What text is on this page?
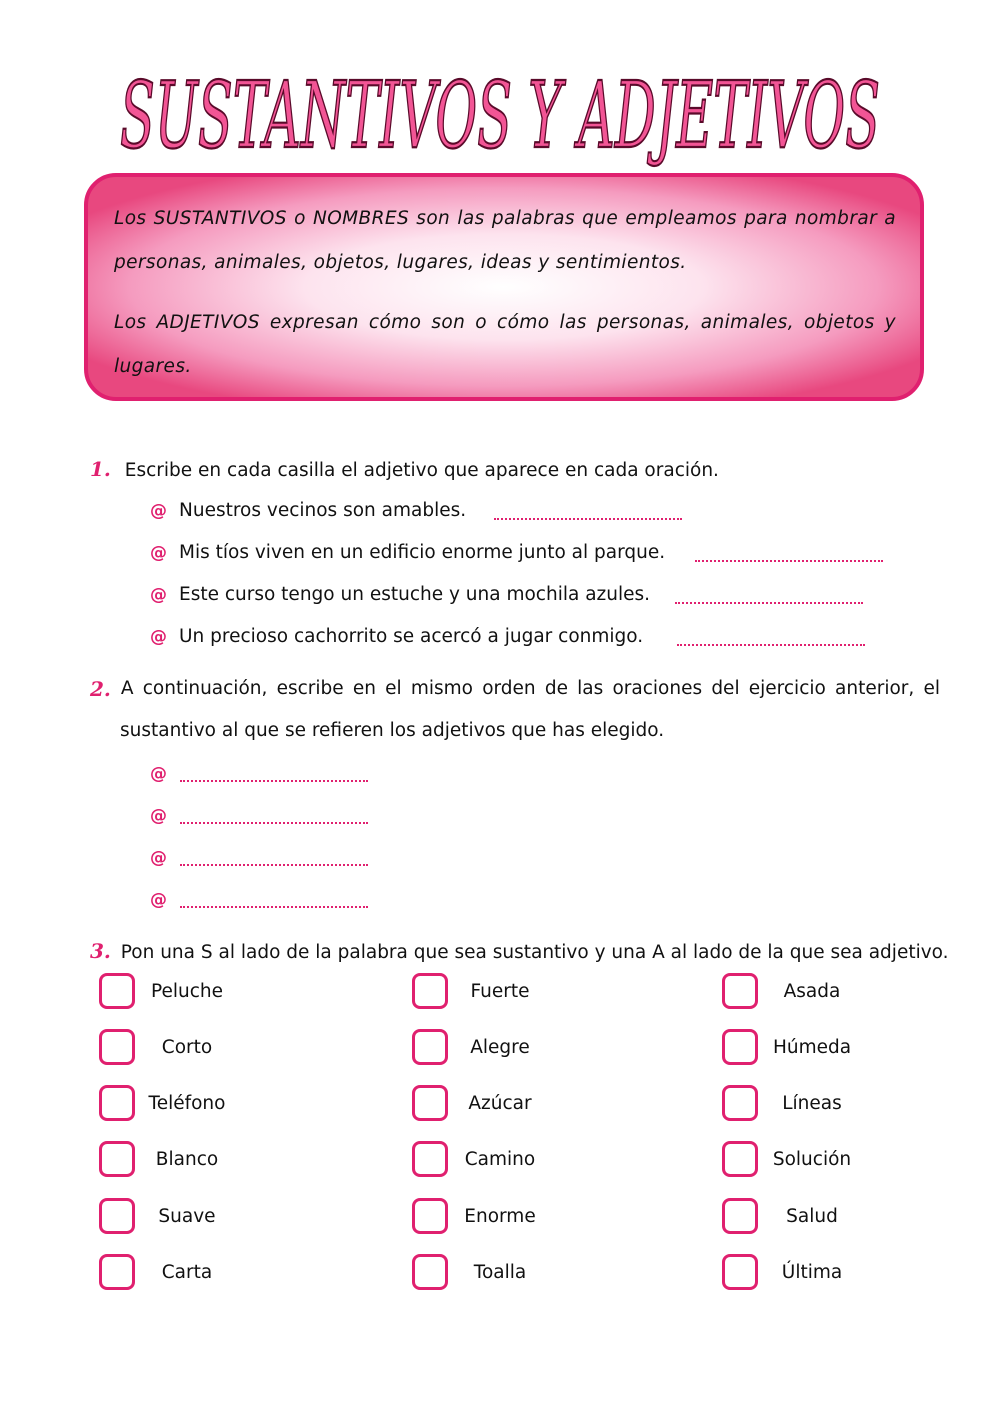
SUSTANTIVOS Y ADJETIVOS

Los SUSTANTIVOS o NOMBRES son las palabras que empleamos para nombrar a personas, animales, objetos, lugares, ideas y sentimientos.

Los ADJETIVOS expresan cómo son o cómo las personas, animales, objetos y lugares.

1. Escribe en cada casilla el adjetivo que aparece en cada oración.
@ Nuestros vecinos son amables.
@ Mis tíos viven en un edificio enorme junto al parque.
@ Este curso tengo un estuche y una mochila azules.
@ Un precioso cachorrito se acercó a jugar conmigo.
2. A continuación, escribe en el mismo orden de las oraciones del ejercicio anterior, el
sustantivo al que se refieren los adjetivos que has elegido.
@
@
@
@
3. Pon una S al lado de la palabra que sea sustantivo y una A al lado de la que sea adjetivo.
Peluche
Corto
Teléfono
Blanco
Suave
Carta
Fuerte
Alegre
Azúcar
Camino
Enorme
Toalla
Asada
Húmeda
Líneas
Solución
Salud
Última
